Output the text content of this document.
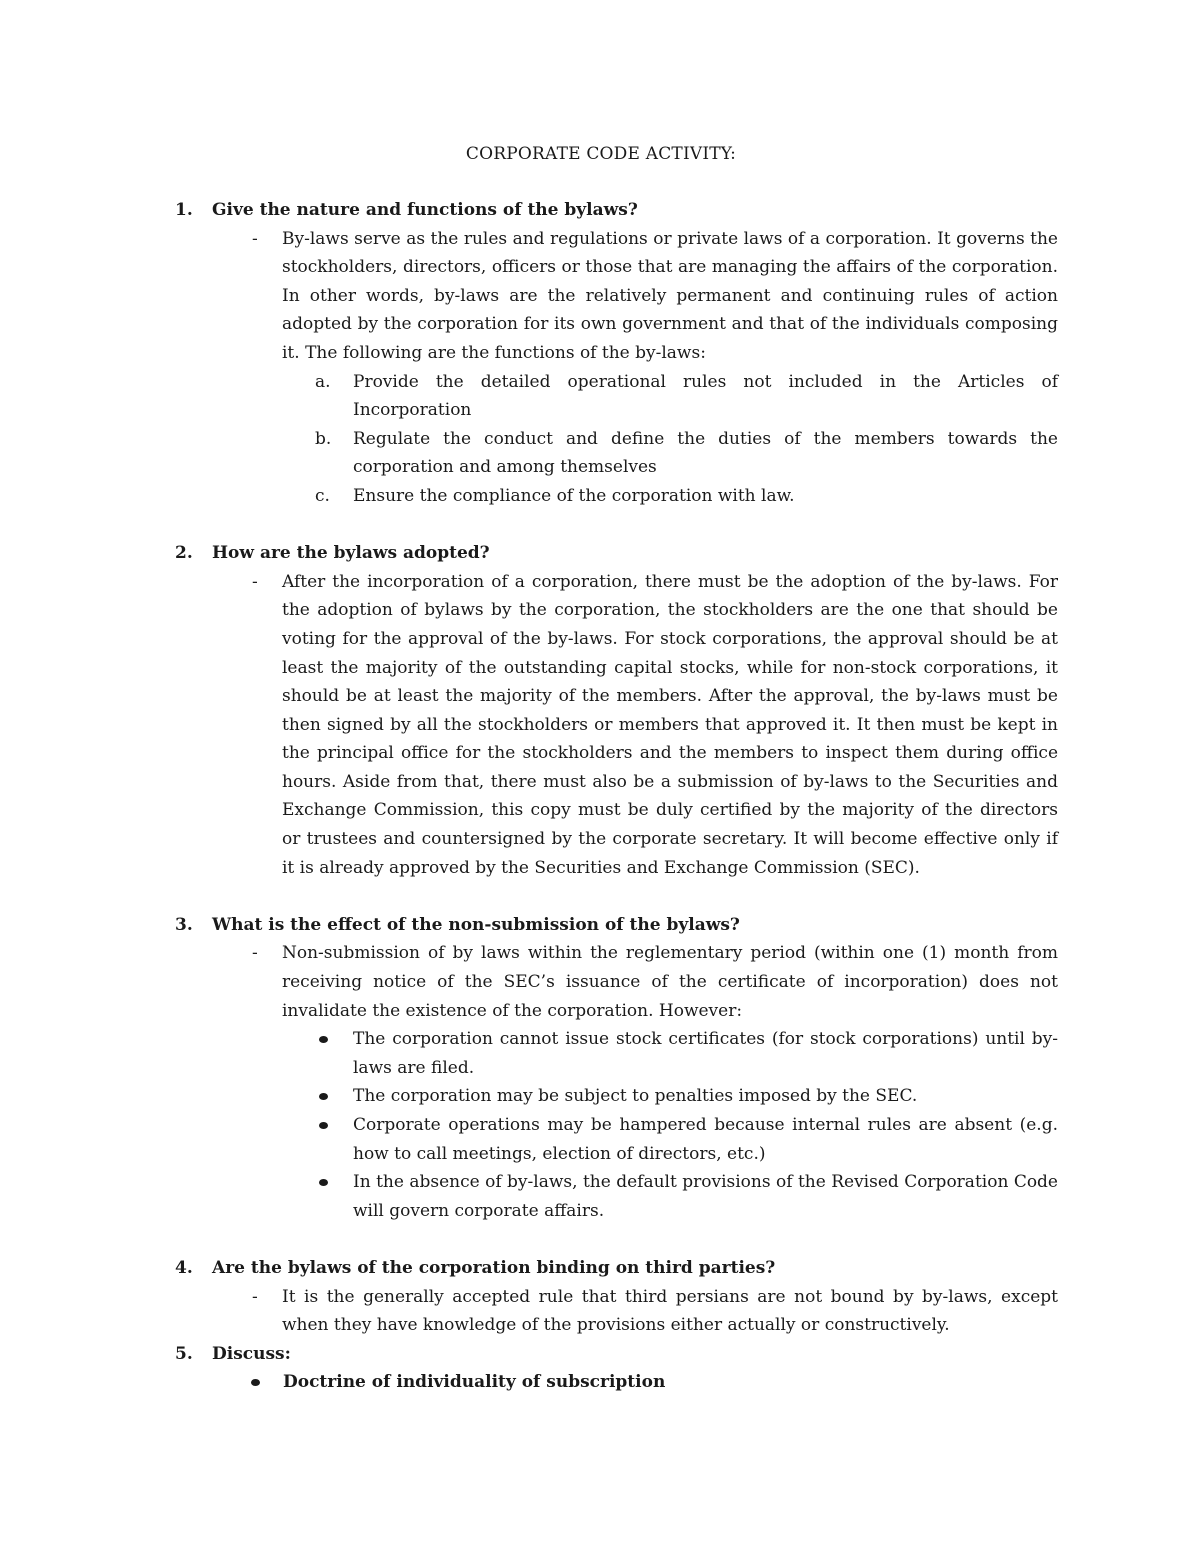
CORPORATE CODE ACTIVITY:
1. Give the nature and functions of the bylaws?
- By-laws serve as the rules and regulations or private laws of a corporation. It governs the stockholders, directors, officers or those that are managing the affairs of the corporation. In other words, by-laws are the relatively permanent and continuing rules of action adopted by the corporation for its own government and that of the individuals composing it. The following are the functions of the by-laws:
a. Provide the detailed operational rules not included in the Articles of Incorporation
b. Regulate the conduct and define the duties of the members towards the corporation and among themselves
c. Ensure the compliance of the corporation with law.
2. How are the bylaws adopted?
- After the incorporation of a corporation, there must be the adoption of the by-laws. For the adoption of bylaws by the corporation, the stockholders are the one that should be voting for the approval of the by-laws. For stock corporations, the approval should be at least the majority of the outstanding capital stocks, while for non-stock corporations, it should be at least the majority of the members. After the approval, the by-laws must be then signed by all the stockholders or members that approved it. It then must be kept in the principal office for the stockholders and the members to inspect them during office hours. Aside from that, there must also be a submission of by-laws to the Securities and Exchange Commission, this copy must be duly certified by the majority of the directors or trustees and countersigned by the corporate secretary. It will become effective only if it is already approved by the Securities and Exchange Commission (SEC).
3. What is the effect of the non-submission of the bylaws?
- Non-submission of by laws within the reglementary period (within one (1) month from receiving notice of the SEC’s issuance of the certificate of incorporation) does not invalidate the existence of the corporation. However:
The corporation cannot issue stock certificates (for stock corporations) until by-laws are filed.
The corporation may be subject to penalties imposed by the SEC.
Corporate operations may be hampered because internal rules are absent (e.g. how to call meetings, election of directors, etc.)
In the absence of by-laws, the default provisions of the Revised Corporation Code will govern corporate affairs.
4. Are the bylaws of the corporation binding on third parties?
- It is the generally accepted rule that third persians are not bound by by-laws, except when they have knowledge of the provisions either actually or constructively.
5. Discuss:
Doctrine of individuality of subscription
